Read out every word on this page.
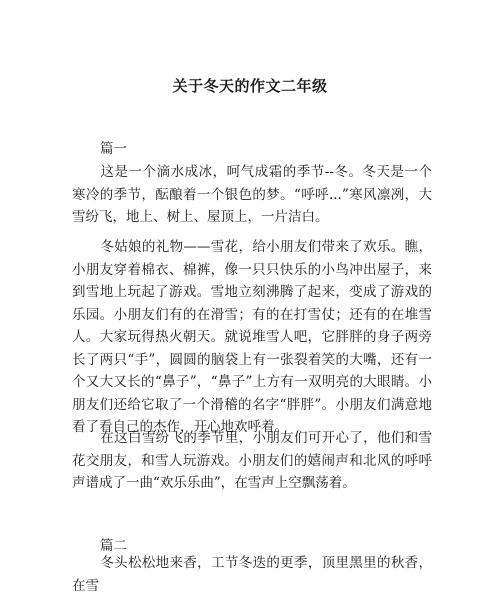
关于冬天的作文二年级
篇一

这是一个滴水成冰，呵气成霜的季节--冬。冬天是一个寒冷的季节，酝酿着一个银色的梦。“呼呼...”寒风凛冽，大雪纷飞，地上、树上、屋顶上，一片洁白。

冬姑娘的礼物——雪花，给小朋友们带来了欢乐。瞧，小朋友穿着棉衣、棉裤，像一只只快乐的小鸟冲出屋子，来到雪地上玩起了游戏。雪地立刻沸腾了起来，变成了游戏的乐园。小朋友们有的在滑雪；有的在打雪仗；还有的在堆雪人。大家玩得热火朝天。就说堆雪人吧，它胖胖的身子两旁长了两只“手”，圆圆的脑袋上有一张裂着笑的大嘴，还有一个又大又长的“鼻子”，“鼻子”上方有一双明亮的大眼睛。小朋友们还给它取了一个滑稽的名字“胖胖”。小朋友们满意地看了看自己的杰作，开心地欢呼着。

在这白雪纷飞的季节里，小朋友们可开心了，他们和雪花交朋友，和雪人玩游戏。小朋友们的嬉闹声和北风的呼呼声谱成了一曲“欢乐乐曲”，在雪声上空飘荡着。

篇二

冬头松松地来香，工节冬迭的更季，顶里黑里的秋香，在雪
